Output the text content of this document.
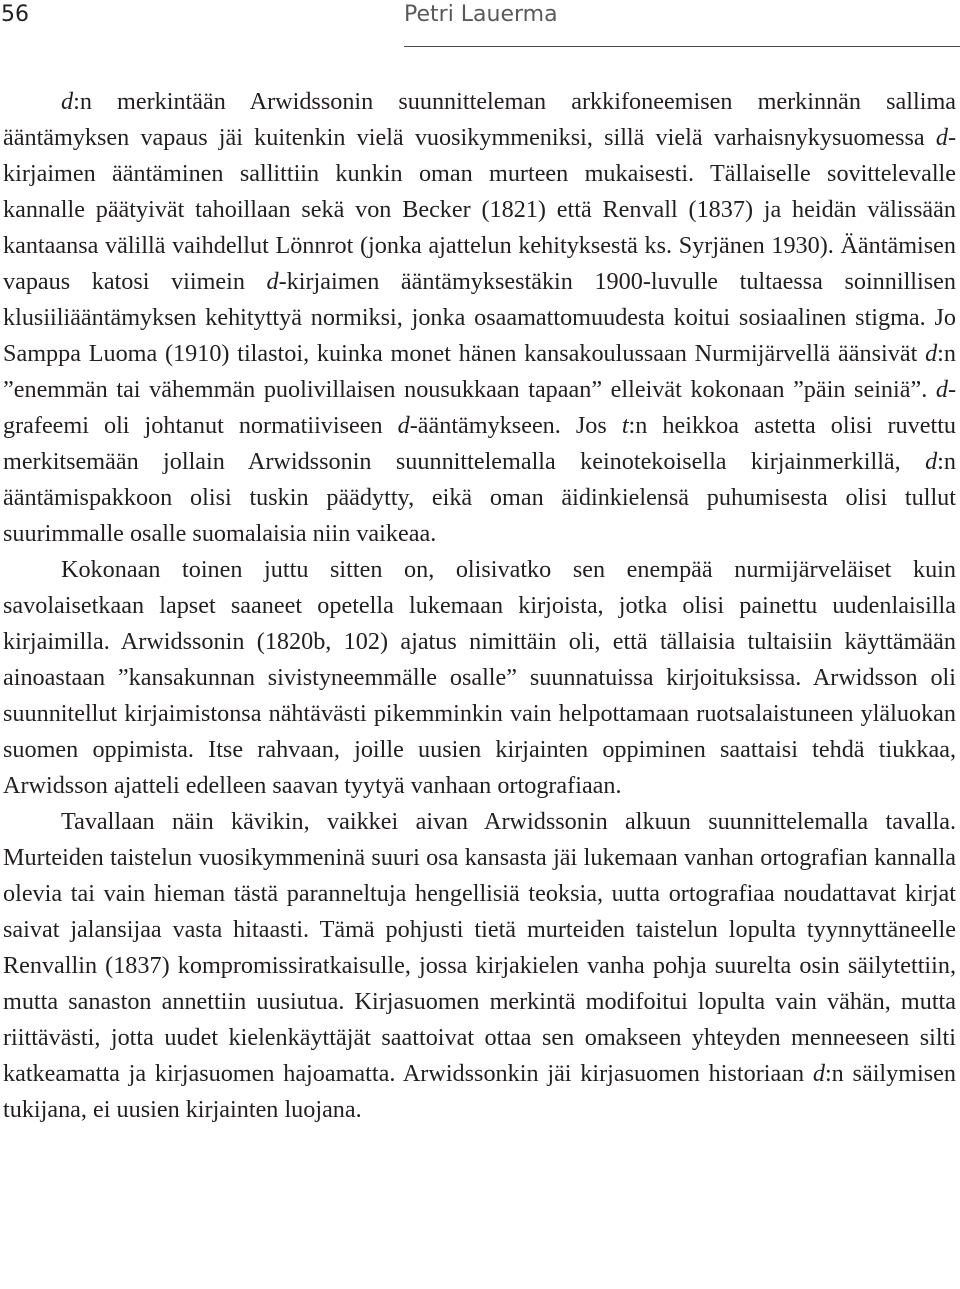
56	Petri Lauerma

d:n merkintään Arwidssonin suunnitteleman arkkifoneemisen merkinnän sallima ääntämyksen vapaus jäi kuitenkin vielä vuosikymmeniksi, sillä vielä varhaisnykysuomessa d-kirjaimen ääntäminen sallittiin kunkin oman murteen mukaisesti. Tällaiselle sovittelevalle kannalle päätyivät tahoillaan sekä von Becker (1821) että Renvall (1837) ja heidän välissään kantaansa välillä vaihdellut Lönnrot (jonka ajattelun kehityksestä ks. Syrjänen 1930). Ääntämisen vapaus katosi viimein d-kirjaimen ääntämyksestäkin 1900-luvulle tultaessa soinnillisen klusiiliääntämyksen kehityttyä normiksi, jonka osaamattomuudesta koitui sosiaalinen stigma. Jo Samppa Luoma (1910) tilastoi, kuinka monet hänen kansakoulussaan Nurmijärvellä äänsivät d:n ”enemmän tai vähemmän puolivillaisen nousukkaan tapaan” elleivät kokonaan ”päin seiniä”. d-grafeemi oli johtanut normatiiviseen d-ääntämykseen. Jos t:n heikkoa astetta olisi ruvettu merkitsemään jollain Arwidssonin suunnittelemalla keinotekoisella kirjainmerkillä, d:n ääntämispakkoon olisi tuskin päädytty, eikä oman äidinkielensä puhumisesta olisi tullut suurimmalle osalle suomalaisia niin vaikeaa.

Kokonaan toinen juttu sitten on, olisivatko sen enempää nurmijärveläiset kuin savolaisetkaan lapset saaneet opetella lukemaan kirjoista, jotka olisi painettu uudenlaisilla kirjaimilla. Arwidssonin (1820b, 102) ajatus nimittäin oli, että tällaisia tultaisiin käyttämään ainoastaan ”kansakunnan sivistyneemmälle osalle” suunnatuissa kirjoituksissa. Arwidsson oli suunnitellut kirjaimistonsa nähtävästi pikemminkin vain helpottamaan ruotsalaistuneen yläluokan suomen oppimista. Itse rahvaan, joille uusien kirjainten oppiminen saattaisi tehdä tiukkaa, Arwidsson ajatteli edelleen saavan tyytyä vanhaan ortografiaan.

Tavallaan näin kävikin, vaikkei aivan Arwidssonin alkuun suunnittelemalla tavalla. Murteiden taistelun vuosikymmeninä suuri osa kansasta jäi lukemaan vanhan ortografian kannalla olevia tai vain hieman tästä paranneltuja hengellisiä teoksia, uutta ortografiaa noudattavat kirjat saivat jalansijaa vasta hitaasti. Tämä pohjusti tietä murteiden taistelun lopulta tyynnyttäneelle Renvallin (1837) kompromissiratkaisulle, jossa kirjakielen vanha pohja suurelta osin säilytettiin, mutta sanaston annettiin uusiutua. Kirjasuomen merkintä modifoitui lopulta vain vähän, mutta riittävästi, jotta uudet kielenkäyttäjät saattoivat ottaa sen omakseen yhteyden menneeseen silti katkeamatta ja kirjasuomen hajoamatta. Arwidssonkin jäi kirjasuomen historiaan d:n säilymisen tukijana, ei uusien kirjainten luojana.
